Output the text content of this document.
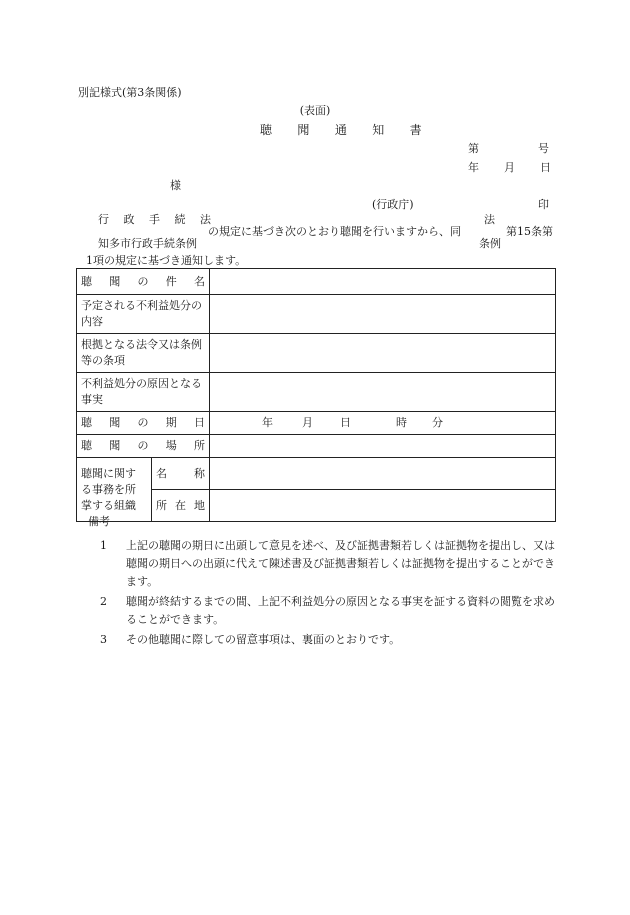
別記様式(第3条関係)
(表面)
聴 聞 通 知 書
第	号
年 月 日
様
(行政庁)	印
行 政 手 続 法
の規定に基づき次のとおり聴聞を行いますから、同
法
第15条第
知多市行政手続条例	条例
1項の規定に基づき通知します。
聴 聞 の 件 名		
予定される不利益処分の内容		
根拠となる法令又は条例等の条項		
不利益処分の原因となる事実		
聴 聞 の 期 日		年 月 日 時 分

聴 聞 の 場 所		
聴聞に関する事務を所掌する組織	名 称	
	所在地	
備考
1	上記の聴聞の期日に出頭して意見を述べ、及び証拠書類若しくは証拠物を提出し、又は聴聞の期日への出頭に代えて陳述書及び証拠書類若しくは証拠物を提出することができます。
2	聴聞が終結するまでの間、上記不利益処分の原因となる事実を証する資料の閲覧を求めることができます。
3	その他聴聞に際しての留意事項は、裏面のとおりです。
